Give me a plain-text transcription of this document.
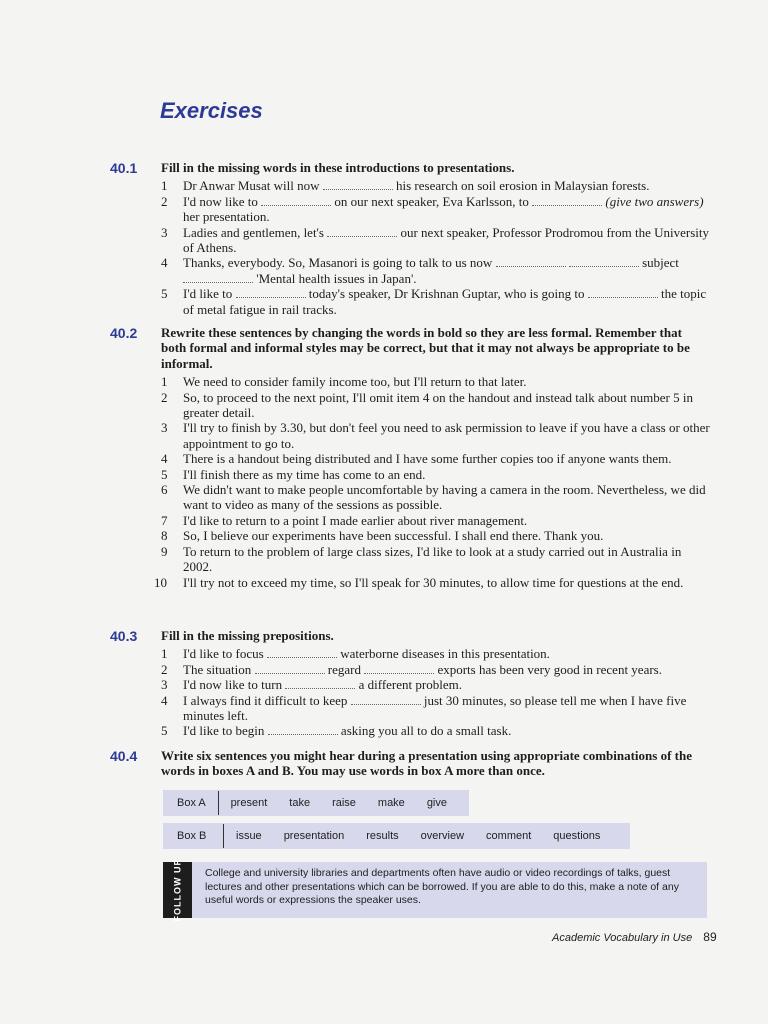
Exercises
40.1 Fill in the missing words in these introductions to presentations.
1 Dr Anwar Musat will now	his research on soil erosion in Malaysian forests.
2 I'd now like to	on our next speaker, Eva Karlsson, to	(give two answers) her presentation.
3 Ladies and gentlemen, let's	our next speaker, Professor Prodromou from the University of Athens.
4 Thanks, everybody. So, Masanori is going to talk to us now	subject  'Mental health issues in Japan'.
5 I'd like to	today's speaker, Dr Krishnan Guptar, who is going to	the topic of metal fatigue in rail tracks.
40.2 Rewrite these sentences by changing the words in bold so they are less formal. Remember that both formal and informal styles may be correct, but that it may not always be appropriate to be informal.
1 We need to consider family income too, but I'll return to that later.
2 So, to proceed to the next point, I'll omit item 4 on the handout and instead talk about number 5 in greater detail.
3 I'll try to finish by 3.30, but don't feel you need to ask permission to leave if you have a class or other appointment to go to.
4 There is a handout being distributed and I have some further copies too if anyone wants them.
5 I'll finish there as my time has come to an end.
6 We didn't want to make people uncomfortable by having a camera in the room. Nevertheless, we did want to video as many of the sessions as possible.
7 I'd like to return to a point I made earlier about river management.
8 So, I believe our experiments have been successful. I shall end there. Thank you.
9 To return to the problem of large class sizes, I'd like to look at a study carried out in Australia in 2002.
10 I'll try not to exceed my time, so I'll speak for 30 minutes, to allow time for questions at the end.
40.3 Fill in the missing prepositions.
1 I'd like to focus	waterborne diseases in this presentation.
2 The situation	regard	exports has been very good in recent years.
3 I'd now like to turn	a different problem.
4 I always find it difficult to keep	just 30 minutes, so please tell me when I have five minutes left.
5 I'd like to begin	asking you all to do a small task.
40.4 Write six sentences you might hear during a presentation using appropriate combinations of the words in boxes A and B. You may use words in box A more than once.
Box A	present take raise make give
Box B	issue presentation results overview comment questions
FOLLOW UP College and university libraries and departments often have audio or video recordings of talks, guest lectures and other presentations which can be borrowed. If you are able to do this, make a note of any useful words or expressions the speaker uses.
Academic Vocabulary in Use 89
